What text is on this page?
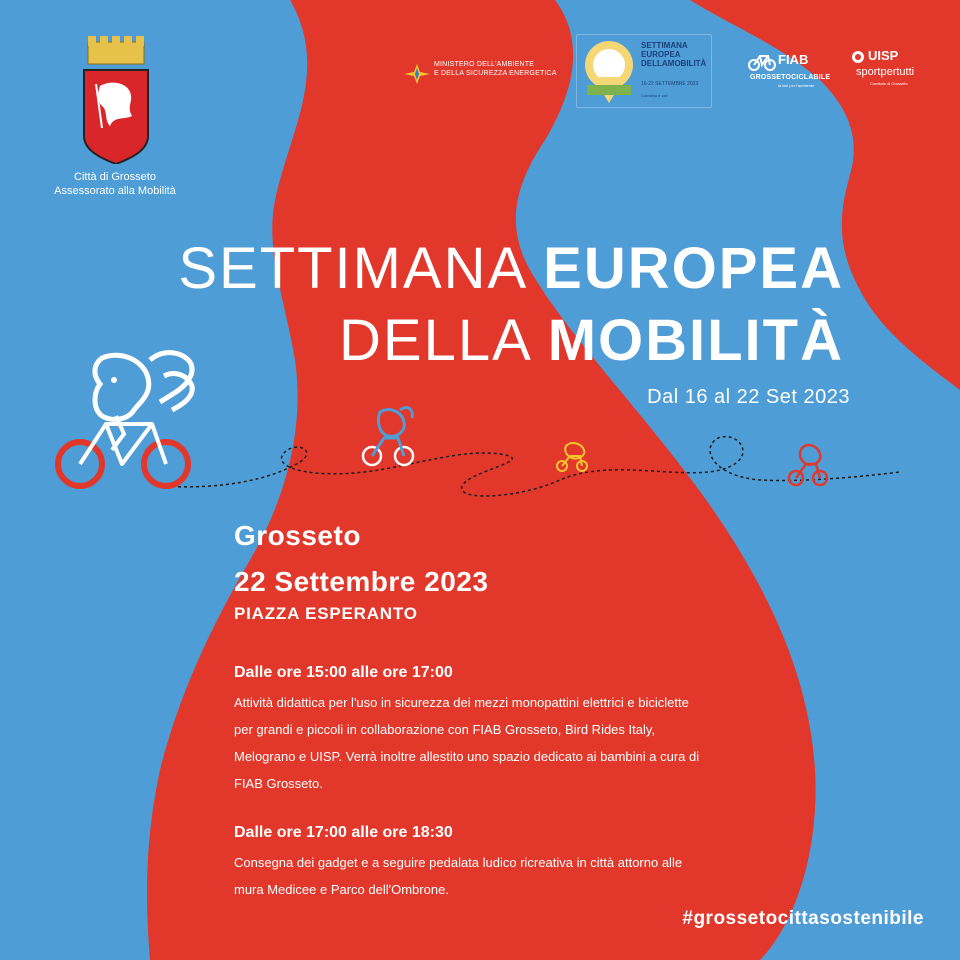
Città di Grosseto
Assessorato alla Mobilità
MINISTERO DELL'AMBIENTE
E DELLA SICUREZZA ENERGETICA
SETTIMANA
EUROPEA
DELLAMOBILITÀ
16-22 SETTEMBRE 2023
Combina e vai!
FIAB
GROSSETOCICLABILE
la bici per l'ambiente
UISP
sportpertutti
Comitato di Grosseto
SETTIMANA EUROPEA
DELLA MOBILITÀ
Dal 16 al 22 Set 2023
Grosseto
22 Settembre 2023
PIAZZA ESPERANTO
Dalle ore 15:00 alle ore 17:00
Attività didattica per l'uso in sicurezza dei mezzi monopattini elettrici e biciclette
per grandi e piccoli in collaborazione con FIAB Grosseto, Bird Rides Italy,
Melograno e UISP. Verrà inoltre allestito uno spazio dedicato ai bambini a cura di
FIAB Grosseto.
Dalle ore 17:00 alle ore 18:30
Consegna dei gadget e a seguire pedalata ludico ricreativa in città attorno alle
mura Medicee e Parco dell'Ombrone.
#grossetocittasostenibile
